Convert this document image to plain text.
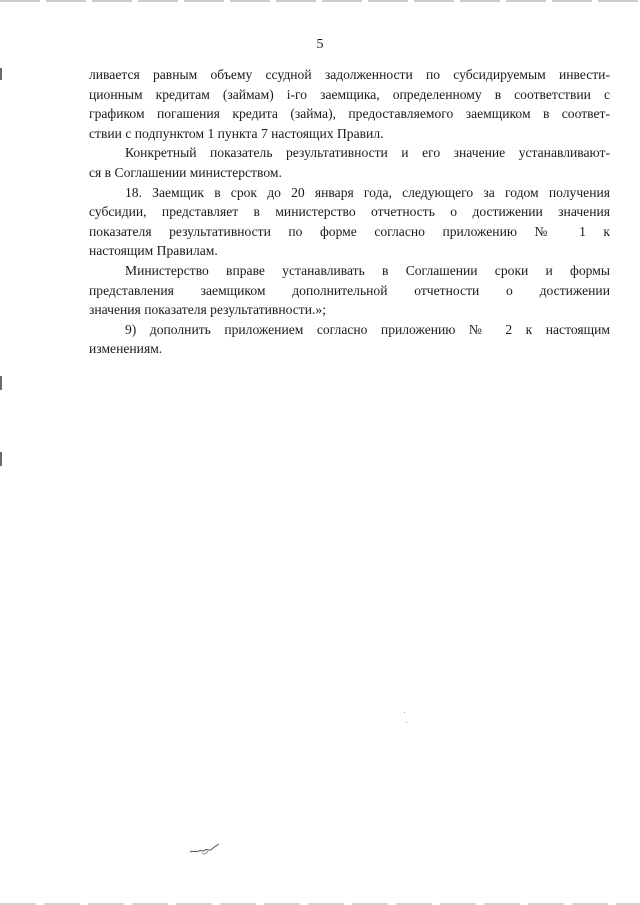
5
ливается равным объему ссудной задолженности по субсидируемым инвести-
ционным кредитам (займам) i-го заемщика, определенному в соответствии с
графиком погашения кредита (займа), предоставляемого заемщиком в соответ-
ствии с подпунктом 1 пункта 7 настоящих Правил.
Конкретный показатель результативности и его значение устанавливают-
ся в Соглашении министерством.
18. Заемщик в срок до 20 января года, следующего за годом получения
субсидии, представляет в министерство отчетность о достижении значения
показателя результативности по форме согласно приложению № 1 к
настоящим Правилам.
Министерство вправе устанавливать в Соглашении сроки и формы
представления заемщиком дополнительной отчетности о достижении
значения показателя результативности.»;
9) дополнить приложением согласно приложению № 2 к настоящим
изменениям.
